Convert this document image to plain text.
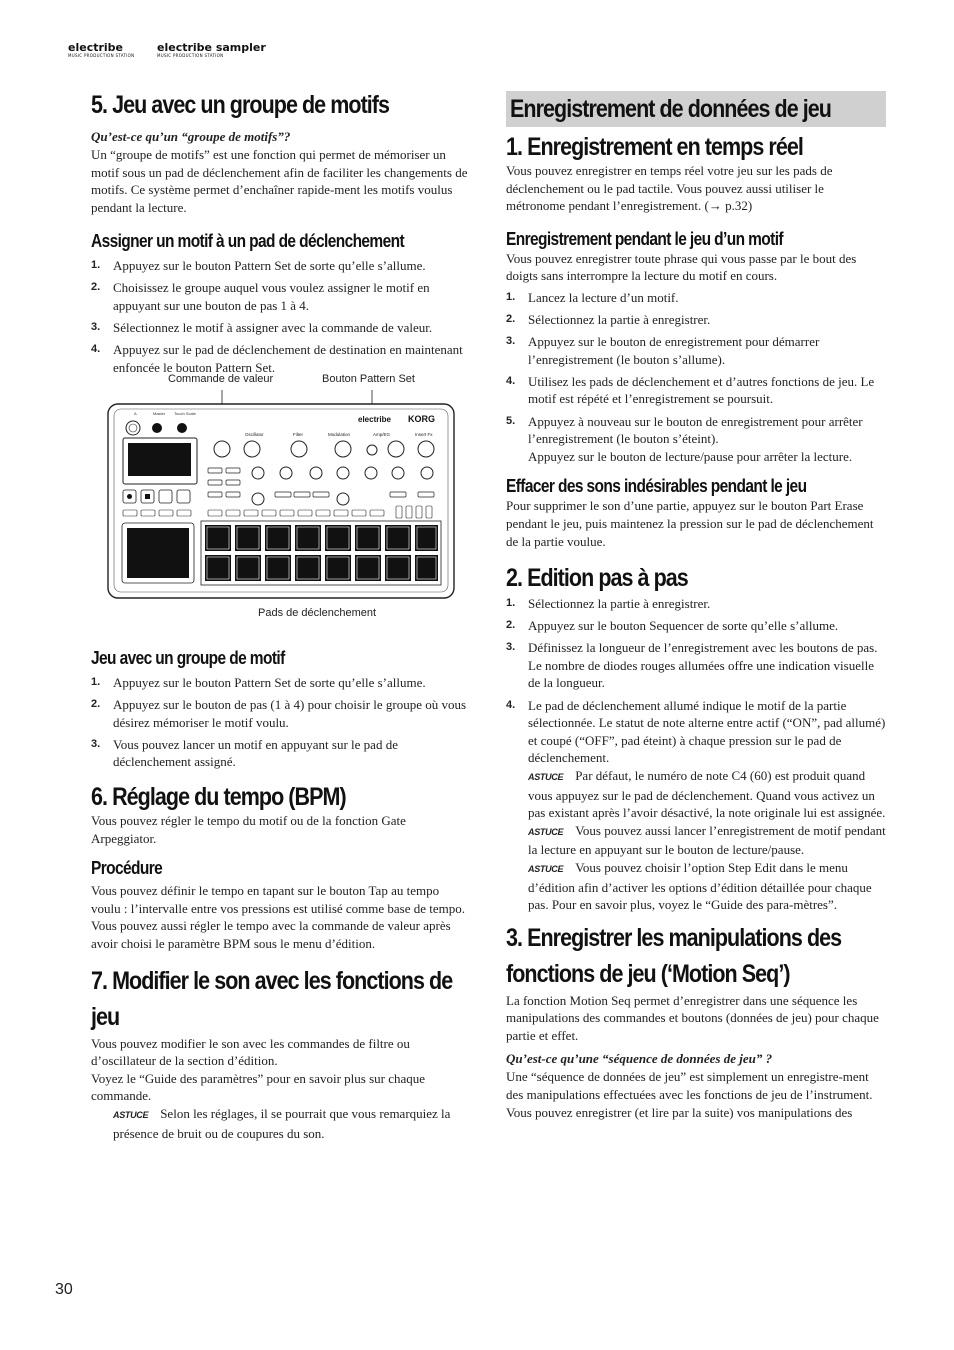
electribe
MUSIC PRODUCTION STATION
electribe sampler
MUSIC PRODUCTION STATION
5. Jeu avec un groupe de motifs
Qu’est-ce qu’un “groupe de motifs”?

Un “groupe de motifs” est une fonction qui permet de mémoriser un motif sous un pad de déclenchement afin de faciliter les changements de motifs. Ce système permet d’enchaîner rapide-ment les motifs voulus pendant la lecture.

Assigner un motif à un pad de déclenchement
1. Appuyez sur le bouton Pattern Set de sorte qu’elle s’allume.
2. Choisissez le groupe auquel vous voulez assigner le motif en appuyant sur une bouton de pas 1 à 4.
3. Sélectionnez le motif à assigner avec la commande de valeur.
4. Appuyez sur le pad de déclenchement de destination en maintenant enfoncée le bouton Pattern Set.
Commande de valeur	Bouton Pattern Set
Pads de déclenchement
A	Master Touch Scale
electribe KORG
Oscillator	Filter	Modulation	Amp/EG	Insert Fx
Jeu avec un groupe de motif
1. Appuyez sur le bouton Pattern Set de sorte qu’elle s’allume.
2. Appuyez sur le bouton de pas (1 à 4) pour choisir le groupe où vous désirez mémoriser le motif voulu.
3. Vous pouvez lancer un motif en appuyant sur le pad de déclenchement assigné.
6. Réglage du tempo (BPM)

Vous pouvez régler le tempo du motif ou de la fonction Gate Arpeggiator.

Procédure

Vous pouvez définir le tempo en tapant sur le bouton Tap au tempo voulu : l’intervalle entre vos pressions est utilisé comme base de tempo.

Vous pouvez aussi régler le tempo avec la commande de valeur après avoir choisi le paramètre BPM sous le menu d’édition.

7. Modifier le son avec les fonctions de jeu

Vous pouvez modifier le son avec les commandes de filtre ou d’oscillateur de la section d’édition.

Voyez le “Guide des paramètres” pour en savoir plus sur chaque commande.

ASTUCE Selon les réglages, il se pourrait que vous remarquiez la présence de bruit ou de coupures du son.

Enregistrement de données de jeu
1. Enregistrement en temps réel

Vous pouvez enregistrer en temps réel votre jeu sur les pads de déclenchement ou le pad tactile. Vous pouvez aussi utiliser le métronome pendant l’enregistrement. (→ p.32)

Enregistrement pendant le jeu d’un motif

Vous pouvez enregistrer toute phrase qui vous passe par le bout des doigts sans interrompre la lecture du motif en cours.

1. Lancez la lecture d’un motif.
2. Sélectionnez la partie à enregistrer.
3. Appuyez sur le bouton de enregistrement pour démarrer l’enregistrement (le bouton s’allume).
4. Utilisez les pads de déclenchement et d’autres fonctions de jeu. Le motif est répété et l’enregistrement se poursuit.
5. Appuyez à nouveau sur le bouton de enregistrement pour arrêter l’enregistrement (le bouton s’éteint).
Appuyez sur le bouton de lecture/pause pour arrêter la lecture.
Effacer des sons indésirables pendant le jeu

Pour supprimer le son d’une partie, appuyez sur le bouton Part Erase pendant le jeu, puis maintenez la pression sur le pad de déclenchement de la partie voulue.

2. Edition pas à pas
1. Sélectionnez la partie à enregistrer.
2. Appuyez sur le bouton Sequencer de sorte qu’elle s’allume.
3. Définissez la longueur de l’enregistrement avec les boutons de pas. Le nombre de diodes rouges allumées offre une indication visuelle de la longueur.
4. Le pad de déclenchement allumé indique le motif de la partie sélectionnée. Le statut de note alterne entre actif (“ON”, pad allumé) et coupé (“OFF”, pad éteint) à chaque pression sur le pad de déclenchement.
ASTUCE Par défaut, le numéro de note C4 (60) est produit quand vous appuyez sur le pad de déclenchement. Quand vous activez un pas existant après l’avoir désactivé, la note originale lui est assignée.
ASTUCE Vous pouvez aussi lancer l’enregistrement de motif pendant la lecture en appuyant sur le bouton de lecture/pause.
ASTUCE Vous pouvez choisir l’option Step Edit dans le menu d’édition afin d’activer les options d’édition détaillée pour chaque pas. Pour en savoir plus, voyez le “Guide des para-mètres”.
3. Enregistrer les manipulations des fonctions de jeu (‘Motion Seq’)

La fonction Motion Seq permet d’enregistrer dans une séquence les manipulations des commandes et boutons (données de jeu) pour chaque partie et effet.

Qu’est-ce qu’une “séquence de données de jeu” ?

Une “séquence de données de jeu” est simplement un enregistre-ment des manipulations effectuées avec les fonctions de jeu de l’instrument.

Vous pouvez enregistrer (et lire par la suite) vos manipulations des

30
